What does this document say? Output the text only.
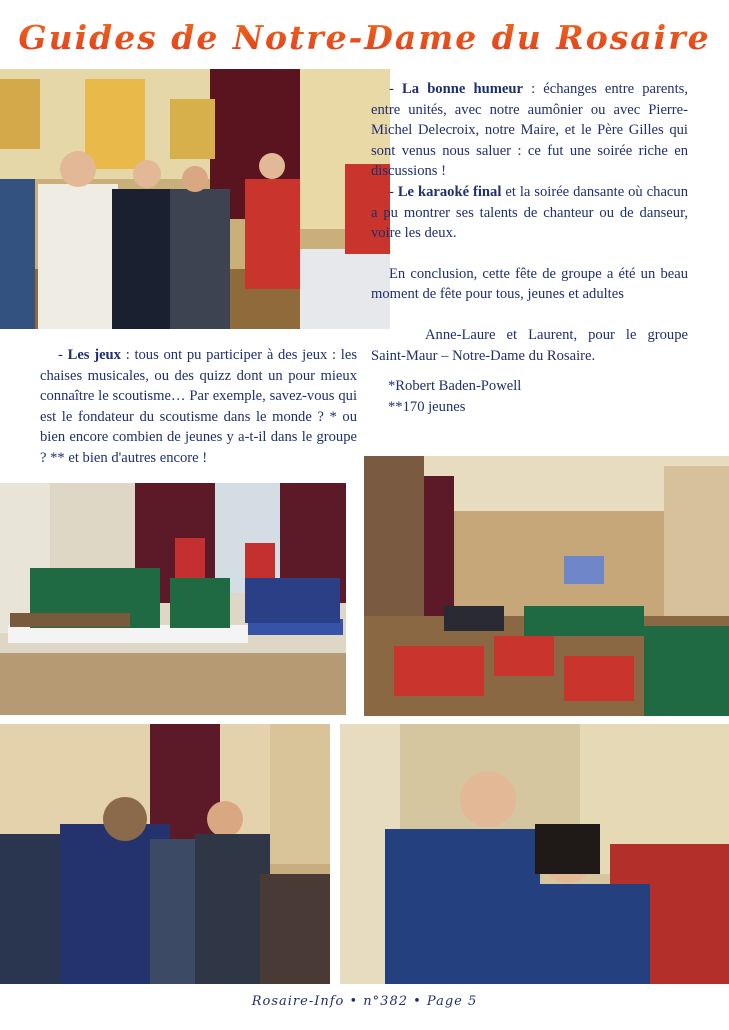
Guides de Notre-Dame du Rosaire

- La bonne humeur : échanges entre parents, entre unités, avec notre aumônier ou avec Pierre-Michel Delecroix, notre Maire, et le Père Gilles qui sont venus nous saluer : ce fut une soirée riche en discussions !

- Le karaoké final et la soirée dansante où chacun a pu montrer ses talents de chanteur ou de danseur, voire les deux.

En conclusion, cette fête de groupe a été un beau moment de fête pour tous, jeunes et adultes

Anne-Laure et Laurent, pour le groupe Saint-Maur – Notre-Dame du Rosaire.

*Robert Baden-Powell

**170 jeunes

- Les jeux : tous ont pu participer à des jeux : les chaises musicales, ou des quizz dont un pour mieux connaître le scoutisme… Par exemple, savez-vous qui est le fondateur du scoutisme dans le monde ? * ou bien encore combien de jeunes y a-t-il dans le groupe ? ** et bien d'autres encore !

Rosaire-Info • n°382 • Page 5
